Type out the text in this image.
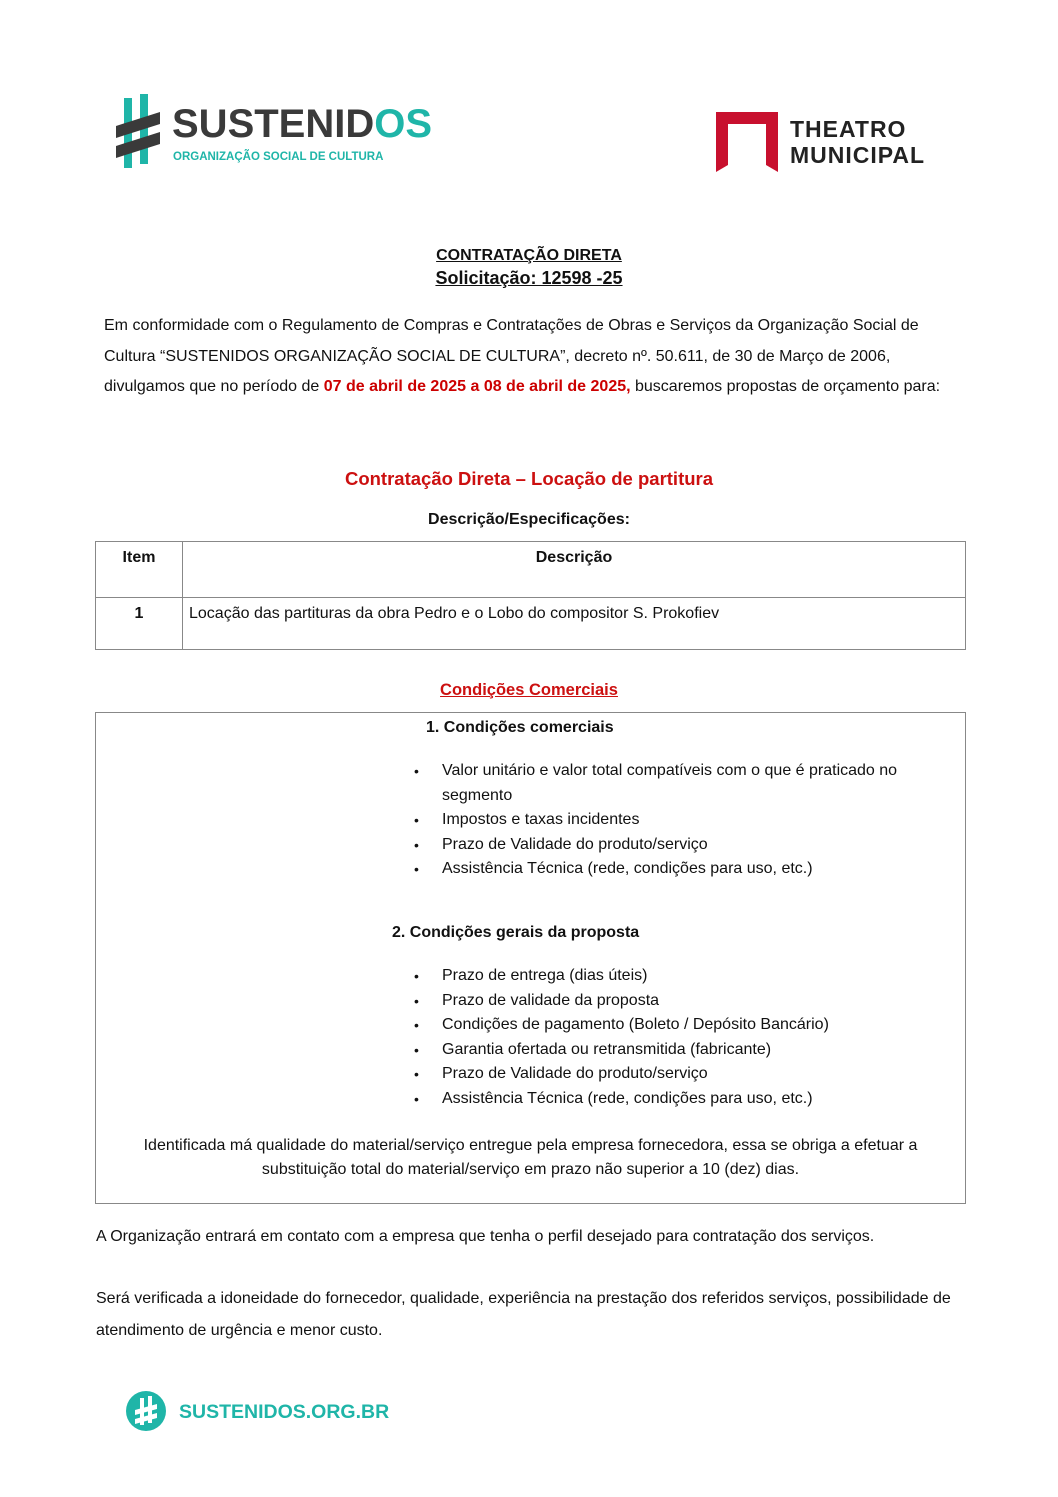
SUSTENIDOS
ORGANIZAÇÃO SOCIAL DE CULTURA
THEATRO
MUNICIPAL
CONTRATAÇÃO DIRETA
Solicitação: 12598 -25
Em conformidade com o Regulamento de Compras e Contratações de Obras e Serviços da Organização Social de Cultura “SUSTENIDOS ORGANIZAÇÃO SOCIAL DE CULTURA”, decreto nº. 50.611, de 30 de Março de 2006, divulgamos que no período de 07 de abril de 2025 a 08 de abril de 2025, buscaremos propostas de orçamento para:
Contratação Direta – Locação de partitura
Descrição/Especificações:
Item	Descrição
1	Locação das partituras da obra Pedro e o Lobo do compositor S. Prokofiev
Condições Comerciais
1. Condições comerciais
• Valor unitário e valor total compatíveis com o que é praticado no segmento
• Impostos e taxas incidentes
• Prazo de Validade do produto/serviço
• Assistência Técnica (rede, condições para uso, etc.)
2. Condições gerais da proposta
• Prazo de entrega (dias úteis)
• Prazo de validade da proposta
• Condições de pagamento (Boleto / Depósito Bancário)
• Garantia ofertada ou retransmitida (fabricante)
• Prazo de Validade do produto/serviço
• Assistência Técnica (rede, condições para uso, etc.)
Identificada má qualidade do material/serviço entregue pela empresa fornecedora, essa se obriga a efetuar a substituição total do material/serviço em prazo não superior a 10 (dez) dias.
A Organização entrará em contato com a empresa que tenha o perfil desejado para contratação dos serviços.
Será verificada a idoneidade do fornecedor, qualidade, experiência na prestação dos referidos serviços, possibilidade de atendimento de urgência e menor custo.
SUSTENIDOS.ORG.BR
